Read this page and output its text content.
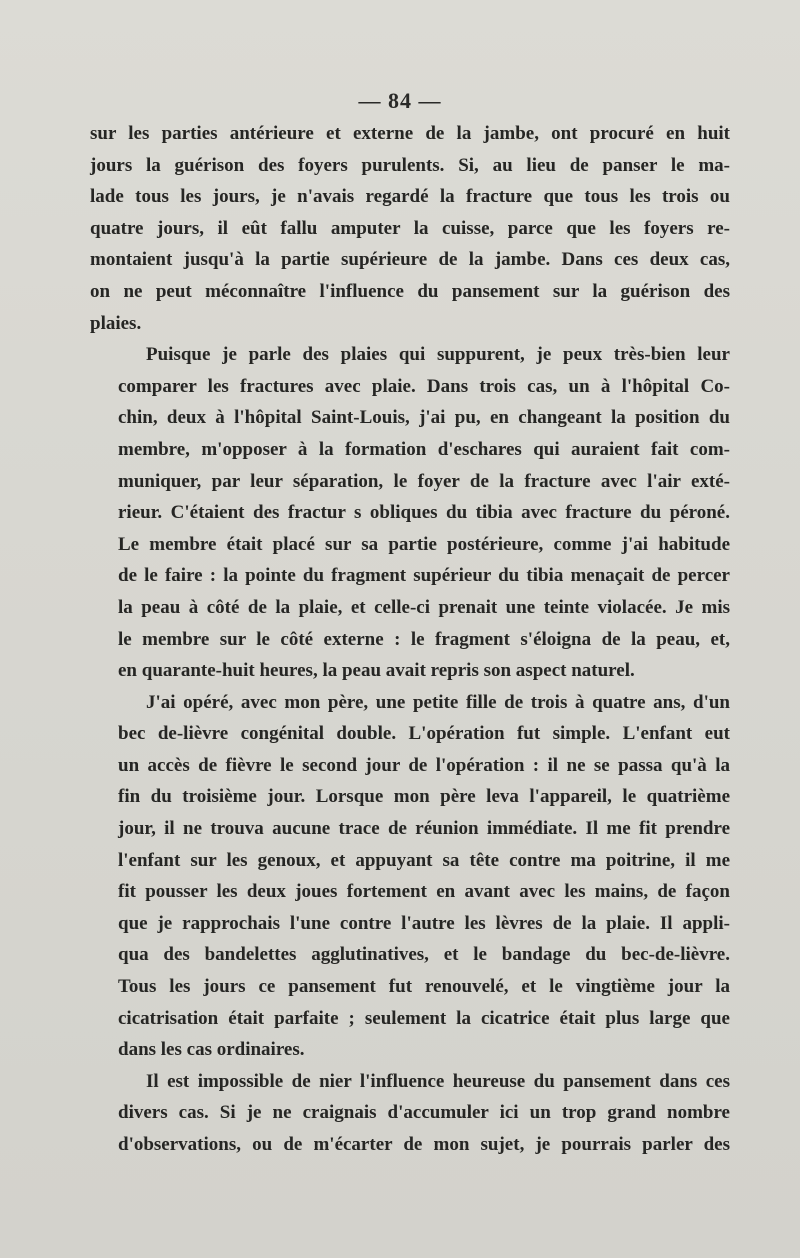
— 84 —
sur les parties antérieure et externe de la jambe, ont procuré en huit
jours la guérison des foyers purulents. Si, au lieu de panser le ma-
lade tous les jours, je n'avais regardé la fracture que tous les trois ou
quatre jours, il eût fallu amputer la cuisse, parce que les foyers re-
montaient jusqu'à la partie supérieure de la jambe. Dans ces deux cas,
on ne peut méconnaître l'influence du pansement sur la guérison des
plaies.
Puisque je parle des plaies qui suppurent, je peux très-bien leur
comparer les fractures avec plaie. Dans trois cas, un à l'hôpital Co-
chin, deux à l'hôpital Saint-Louis, j'ai pu, en changeant la position du
membre, m'opposer à la formation d'eschares qui auraient fait com-
muniquer, par leur séparation, le foyer de la fracture avec l'air exté-
rieur. C'étaient des fractur s obliques du tibia avec fracture du péroné.
Le membre était placé sur sa partie postérieure, comme j'ai habitude
de le faire : la pointe du fragment supérieur du tibia menaçait de percer
la peau à côté de la plaie, et celle-ci prenait une teinte violacée. Je mis
le membre sur le côté externe : le fragment s'éloigna de la peau, et,
en quarante-huit heures, la peau avait repris son aspect naturel.
J'ai opéré, avec mon père, une petite fille de trois à quatre ans, d'un
bec de-lièvre congénital double. L'opération fut simple. L'enfant eut
un accès de fièvre le second jour de l'opération : il ne se passa qu'à la
fin du troisième jour. Lorsque mon père leva l'appareil, le quatrième
jour, il ne trouva aucune trace de réunion immédiate. Il me fit prendre
l'enfant sur les genoux, et appuyant sa tête contre ma poitrine, il me
fit pousser les deux joues fortement en avant avec les mains, de façon
que je rapprochais l'une contre l'autre les lèvres de la plaie. Il appli-
qua des bandelettes agglutinatives, et le bandage du bec-de-lièvre.
Tous les jours ce pansement fut renouvelé, et le vingtième jour la
cicatrisation était parfaite ; seulement la cicatrice était plus large que
dans les cas ordinaires.
Il est impossible de nier l'influence heureuse du pansement dans ces
divers cas. Si je ne craignais d'accumuler ici un trop grand nombre
d'observations, ou de m'écarter de mon sujet, je pourrais parler des
